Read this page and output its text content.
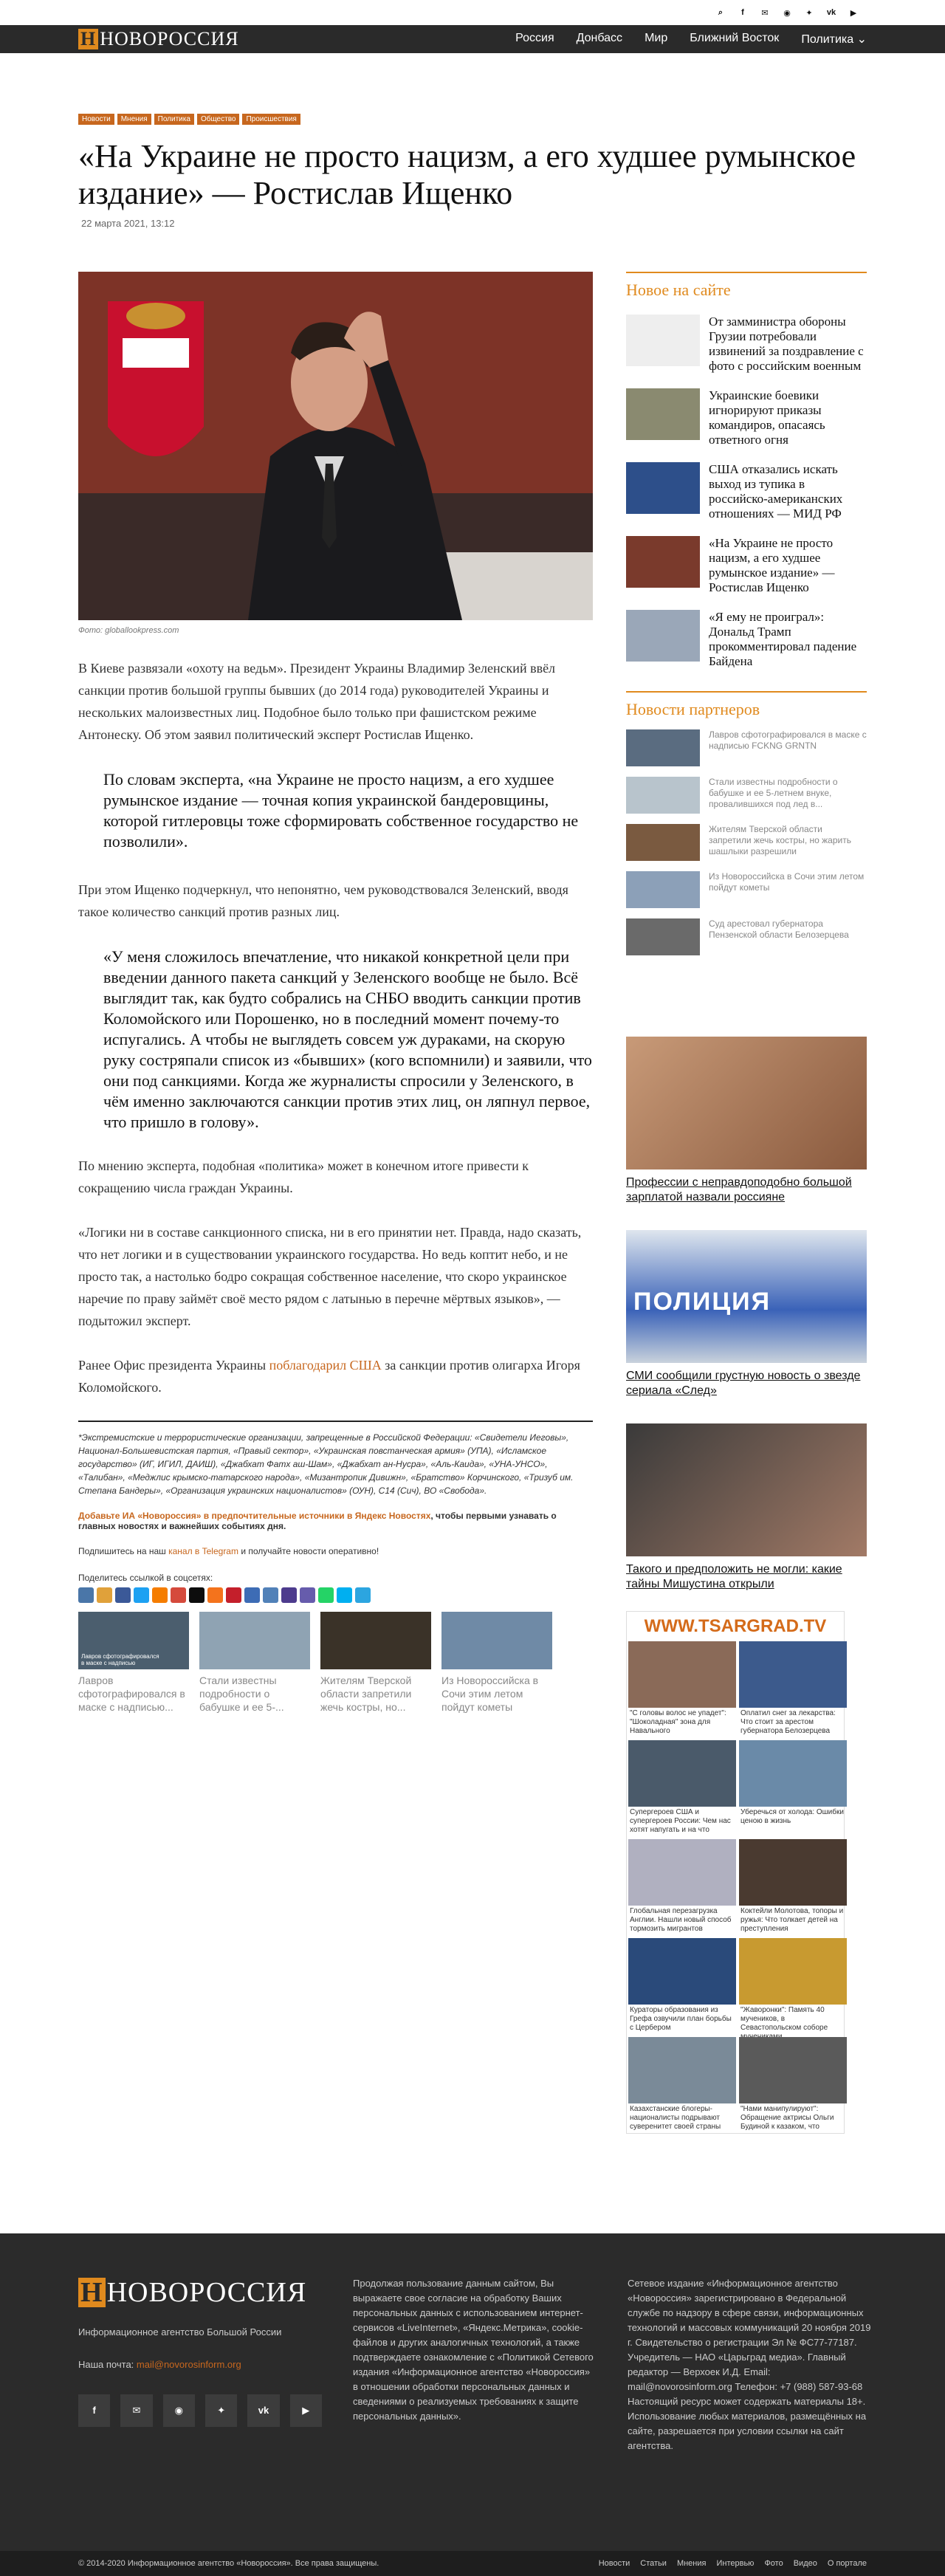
⌕	f	✉	◉	✦	vk	▶
Н НОВОРОССИЯ	Россия Донбасс Мир Ближний Восток Политика ⌄
Новости	Мнения	Политика	Общество	Происшествия
«На Украине не просто нацизм, а его худшее румынское издание» — Ростислав Ищенко
22 марта 2021, 13:12
Фото: globallookpress.com
В Киеве развязали «охоту на ведьм». Президент Украины Владимир Зеленский ввёл санкции против большой группы бывших (до 2014 года) руководителей Украины и нескольких малоизвестных лиц. Подобное было только при фашистском режиме Антонеску. Об этом заявил политический эксперт Ростислав Ищенко.
По словам эксперта, «на Украине не просто нацизм, а его худшее румынское издание — точная копия украинской бандеровщины, которой гитлеровцы тоже сформировать собственное государство не позволили».
При этом Ищенко подчеркнул, что непонятно, чем руководствовался Зеленский, вводя такое количество санкций против разных лиц.
«У меня сложилось впечатление, что никакой конкретной цели при введении данного пакета санкций у Зеленского вообще не было. Всё выглядит так, как будто собрались на СНБО вводить санкции против Коломойского или Порошенко, но в последний момент почему-то испугались. А чтобы не выглядеть совсем уж дураками, на скорую руку состряпали список из «бывших» (кого вспомнили) и заявили, что они под санкциями. Когда же журналисты спросили у Зеленского, в чём именно заключаются санкции против этих лиц, он ляпнул первое, что пришло в голову».
По мнению эксперта, подобная «политика» может в конечном итоге привести к сокращению числа граждан Украины.
«Логики ни в составе санкционного списка, ни в его принятии нет. Правда, надо сказать, что нет логики и в существовании украинского государства. Но ведь коптит небо, и не просто так, а настолько бодро сокращая собственное население, что скоро украинское наречие по праву займёт своё место рядом с латынью в перечне мёртвых языков», — подытожил эксперт.
Ранее Офис президента Украины поблагодарил США за санкции против олигарха Игоря Коломойского.
*Экстремистские и террористические организации, запрещенные в Российской Федерации: «Свидетели Иеговы», Национал-Большевистская партия, «Правый сектор», «Украинская повстанческая армия» (УПА), «Исламское государство» (ИГ, ИГИЛ, ДАИШ), «Джабхат Фатх аш-Шам», «Джабхат ан-Нусра», «Аль-Каида», «УНА-УНСО», «Талибан», «Меджлис крымско-татарского народа», «Мизантропик Дивижн», «Братство» Корчинского, «Тризуб им. Степана Бандеры», «Организация украинских националистов» (ОУН), С14 (Сич), ВО «Свобода».
Добавьте ИА «Новороссия» в предпочтительные источники в Яндекс Новостях, чтобы первыми узнавать о главных новостях и важнейших событиях дня.
Подпишитесь на наш канал в Telegram и получайте новости оперативно!
Поделитесь ссылкой в соцсетях:
Лавров сфотографировался в маске с надписью
Лавров сфотографировался в маске с надписью...
Стали известны подробности о бабушке и ее 5-...
Жителям Тверской области запретили жечь костры, но...
Из Новороссийска в Сочи этим летом пойдут кометы
Новое на сайте
От замминистра обороны Грузии потребовали извинений за поздравление с фото с российским военным
Украинские боевики игнорируют приказы командиров, опасаясь ответного огня
США отказались искать выход из тупика в российско-американских отношениях — МИД РФ
«На Украине не просто нацизм, а его худшее румынское издание» — Ростислав Ищенко
«Я ему не проиграл»: Дональд Трамп прокомментировал падение Байдена
Новости партнеров
Лавров сфотографировался в маске с надписью FCKNG GRNTN
Стали известны подробности о бабушке и ее 5-летнем внуке, провалившихся под лед в...
Жителям Тверской области запретили жечь костры, но жарить шашлыки разрешили
Из Новороссийска в Сочи этим летом пойдут кометы
Суд арестовал губернатора Пензенской области Белозерцева
Профессии с неправдоподобно большой зарплатой назвали россияне
ПОЛИЦИЯ
СМИ сообщили грустную новость о звезде сериала «След»
Такого и предположить не могли: какие тайны Мишустина открыли
WWW.TSARGRAD.TV
"С головы волос не упадет": "Шоколадная" зона для Навального
Оплатил снег за лекарства: Что стоит за арестом губернатора Белозерцева
Супергероев США и супергероев России: Чем нас хотят напугать и на что
Уберечься от холода: Ошибки ценою в жизнь
Глобальная перезагрузка Англии. Нашли новый способ тормозить мигрантов
Коктейли Молотова, топоры и ружья: Что толкает детей на преступления
Кураторы образования из Грефа озвучили план борьбы с Цербером
"Жаворонки": Память 40 мучеников, в Севастопольском соборе
Казахстанские блогеры-националисты подрывают суверенитет своей страны
"Нами манипулируют": Обращение актрисы Ольги Будиной к казаком, что
Н НОВОРОССИЯ
Информационное агентство Большой России
Наша почта: mail@novorosinform.org
f	✉	◉	✦	vk	▶
Продолжая пользование данным сайтом, Вы выражаете свое согласие на обработку Ваших персональных данных с использованием интернет-сервисов «LiveInternet», «Яндекс.Метрика», cookie-файлов и других аналогичных технологий, а также подтверждаете ознакомление с «Политикой Сетевого издания «Информационное агентство «Новороссия» в отношении обработки персональных данных и сведениями о реализуемых требованиях к защите персональных данных».
Сетевое издание «Информационное агентство «Новороссия» зарегистрировано в Федеральной службе по надзору в сфере связи, информационных технологий и массовых коммуникаций 20 ноября 2019 г. Свидетельство о регистрации Эл № ФС77-77187. Учредитель — НАО «Царьград медиа». Главный редактор — Верхоек И.Д. Email: mail@novorosinform.org Телефон: +7 (988) 587-93-68 Настоящий ресурс может содержать материалы 18+. Использование любых материалов, размещённых на сайте, разрешается при условии ссылки на сайт агентства.
© 2014-2020 Информационное агентство «Новороссия». Все права защищены.	Новости Статьи Мнения Интервью Фото Видео О портале
